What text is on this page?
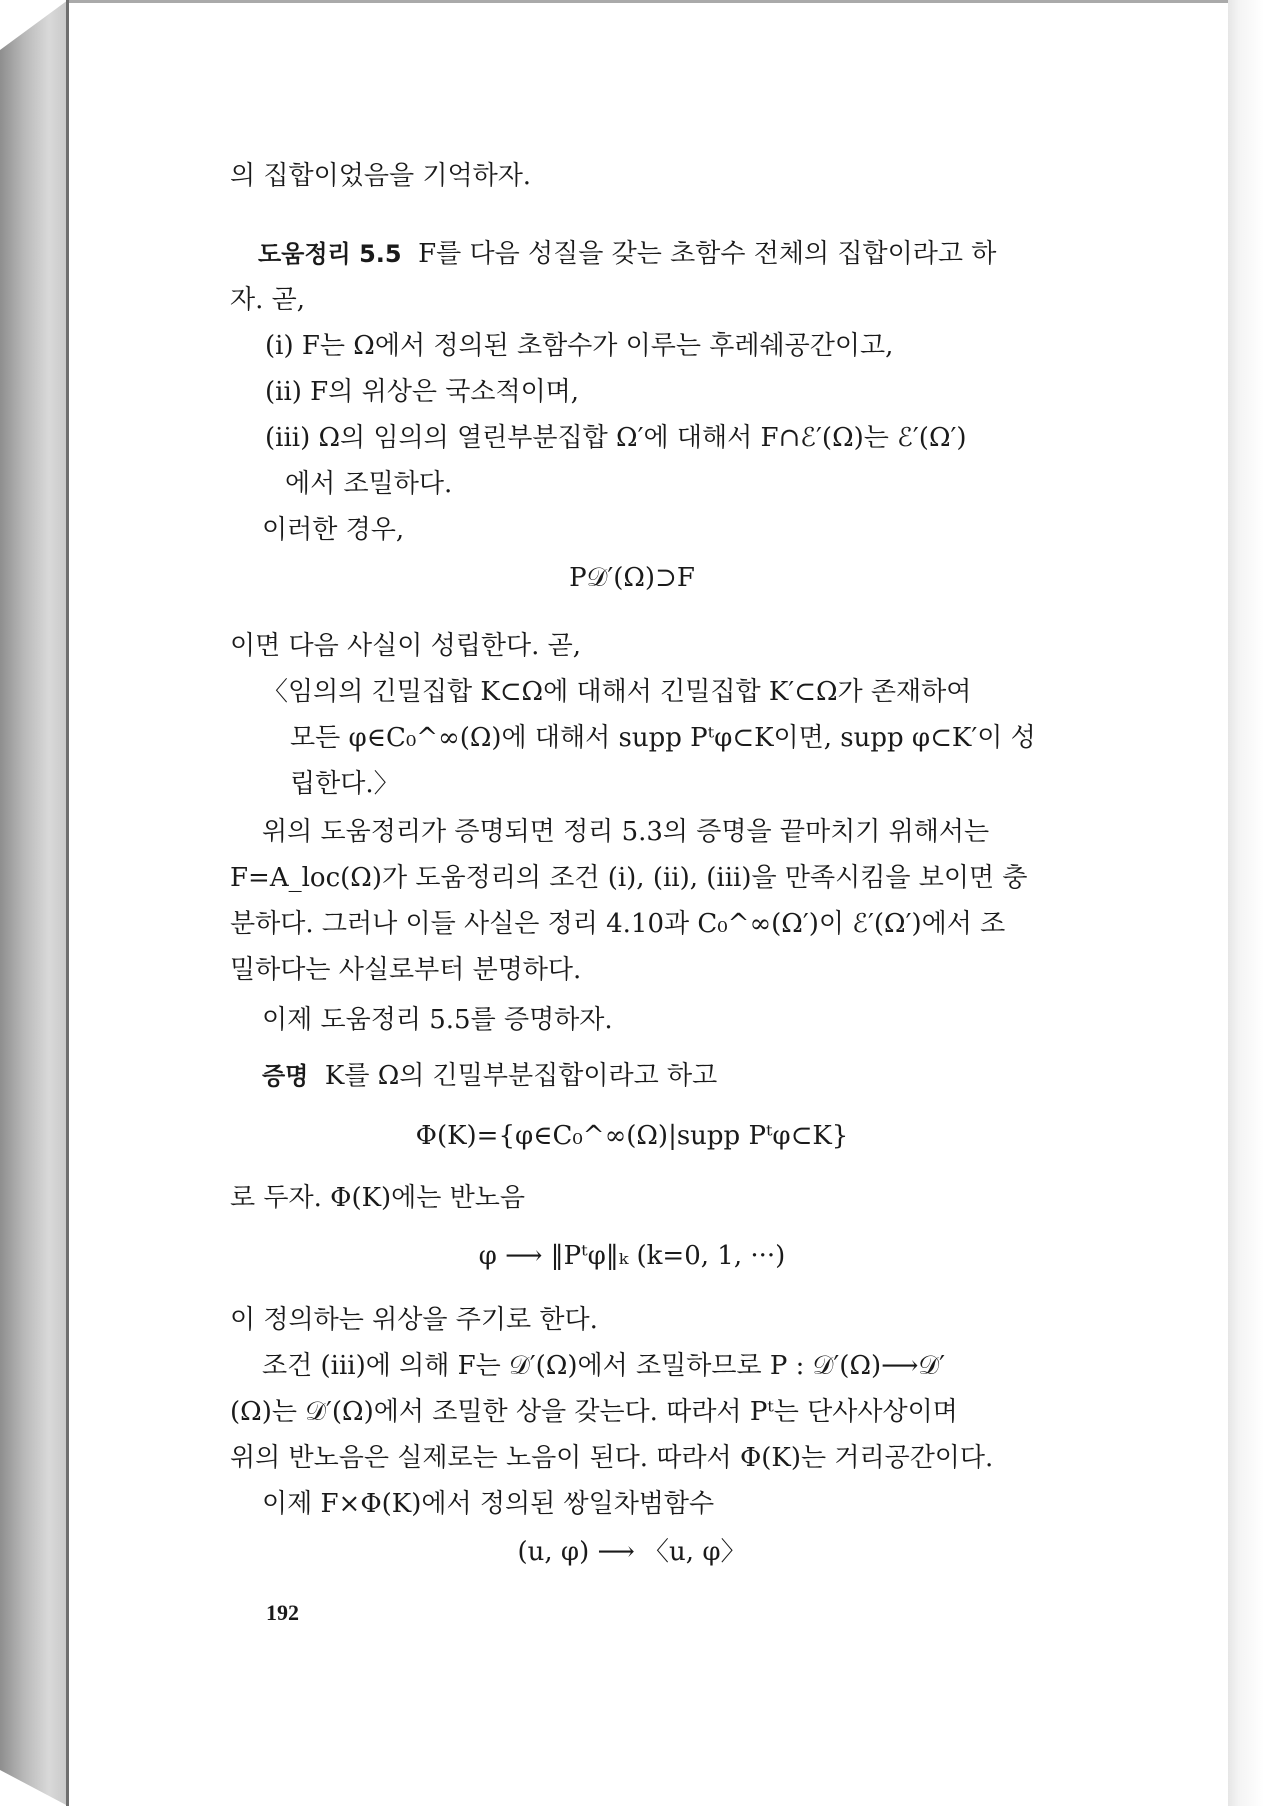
의 집합이었음을 기억하자.
도움정리 5.5 F를 다음 성질을 갖는 초함수 전체의 집합이라고 하
자. 곧,
(i) F는 Ω에서 정의된 초함수가 이루는 후레쉐공간이고,
(ii) F의 위상은 국소적이며,
(iii) Ω의 임의의 열린부분집합 Ω′에 대해서 F∩ℰ′(Ω)는 ℰ′(Ω′)
에서 조밀하다.
이러한 경우,
P𝒟′(Ω)⊃F
이면 다음 사실이 성립한다. 곧,
〈임의의 긴밀집합 K⊂Ω에 대해서 긴밀집합 K′⊂Ω가 존재하여
모든 φ∈C₀^∞(Ω)에 대해서 supp Pᵗφ⊂K이면, supp φ⊂K′이 성
립한다.〉
위의 도움정리가 증명되면 정리 5.3의 증명을 끝마치기 위해서는
F=A_loc(Ω)가 도움정리의 조건 (i), (ii), (iii)을 만족시킴을 보이면 충
분하다. 그러나 이들 사실은 정리 4.10과 C₀^∞(Ω′)이 ℰ′(Ω′)에서 조
밀하다는 사실로부터 분명하다.
이제 도움정리 5.5를 증명하자.
증명 K를 Ω의 긴밀부분집합이라고 하고
Φ(K)={φ∈C₀^∞(Ω)|supp Pᵗφ⊂K}
로 두자. Φ(K)에는 반노음
φ ⟶ ‖Pᵗφ‖ₖ (k=0, 1, ···)
이 정의하는 위상을 주기로 한다.
조건 (iii)에 의해 F는 𝒟′(Ω)에서 조밀하므로 P : 𝒟′(Ω)⟶𝒟′
(Ω)는 𝒟′(Ω)에서 조밀한 상을 갖는다. 따라서 Pᵗ는 단사사상이며
위의 반노음은 실제로는 노음이 된다. 따라서 Φ(K)는 거리공간이다.
이제 F×Φ(K)에서 정의된 쌍일차범함수
(u, φ) ⟶ 〈u, φ〉
192
